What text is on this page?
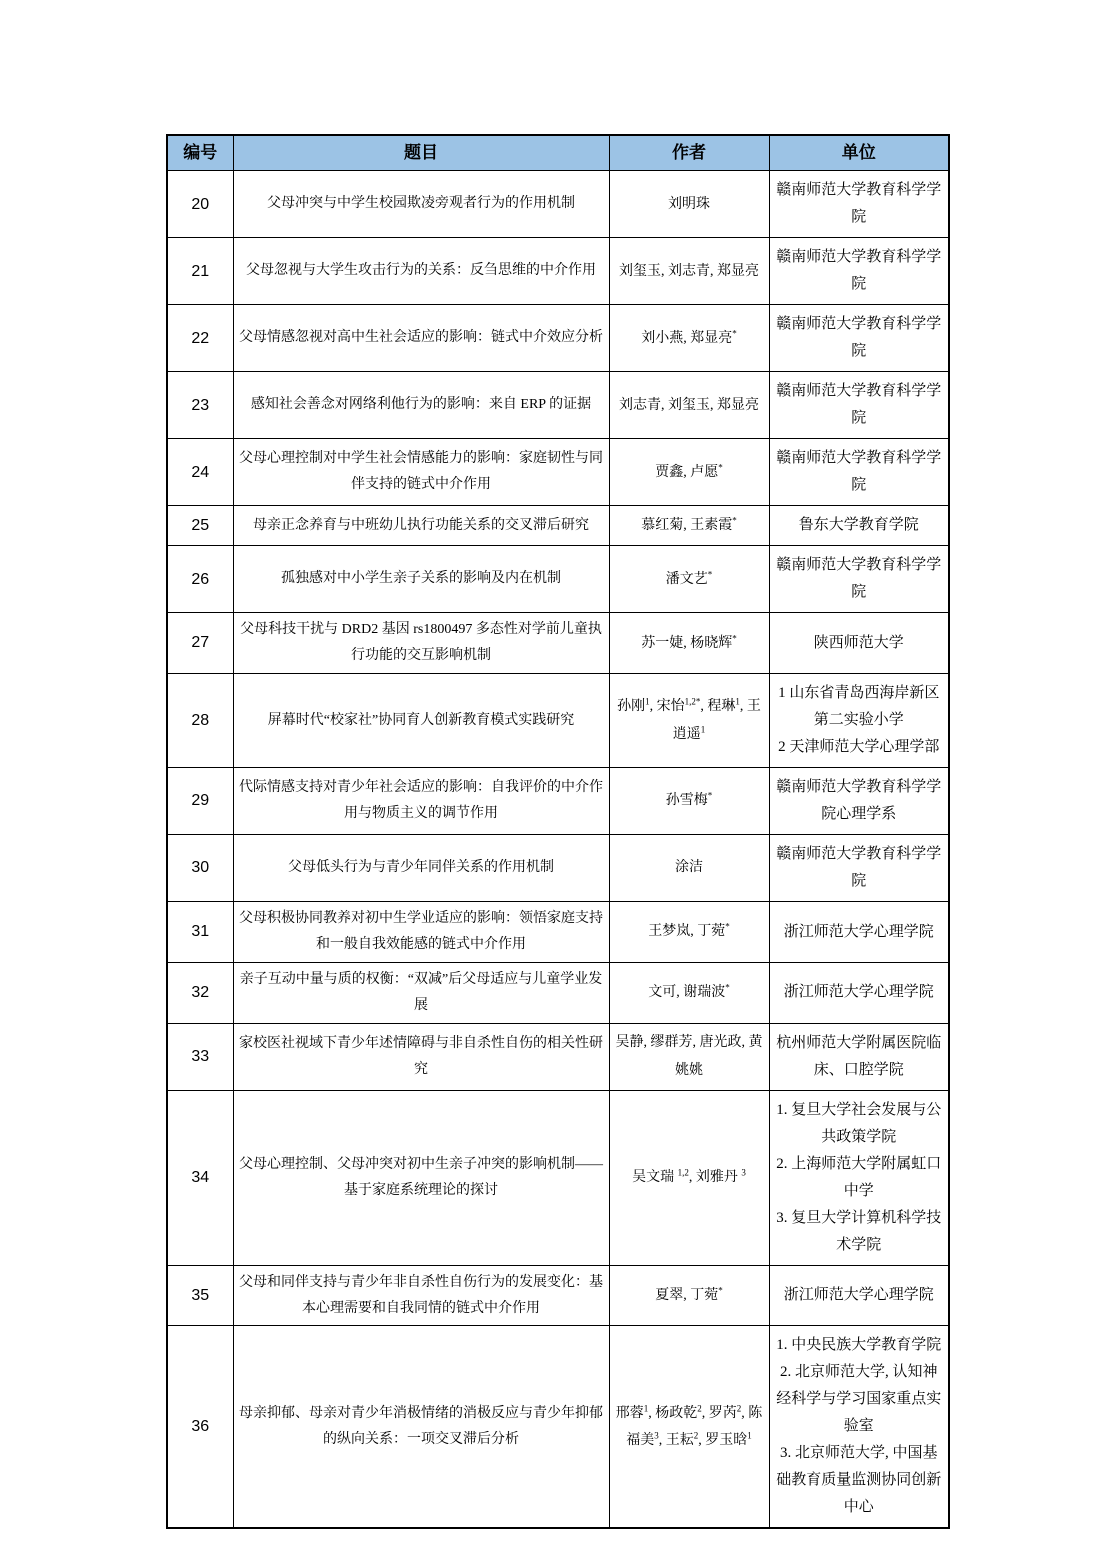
编号	题目	作者	单位
20	父母冲突与中学生校园欺凌旁观者行为的作用机制	刘明珠	赣南师范大学教育科学学院

21	父母忽视与大学生攻击行为的关系：反刍思维的中介作用	刘玺玉, 刘志青, 郑显亮	赣南师范大学教育科学学院

22	父母情感忽视对高中生社会适应的影响：链式中介效应分析	刘小燕, 郑显亮*	赣南师范大学教育科学学院

23	感知社会善念对网络利他行为的影响：来自 ERP 的证据	刘志青, 刘玺玉, 郑显亮	赣南师范大学教育科学学院

24	父母心理控制对中学生社会情感能力的影响：家庭韧性与同伴支持的链式中介作用	贾鑫, 卢愿*	赣南师范大学教育科学学院

25	母亲正念养育与中班幼儿执行功能关系的交叉滞后研究	慕红菊, 王素霞*	鲁东大学教育学院

26	孤独感对中小学生亲子关系的影响及内在机制	潘文艺*	赣南师范大学教育科学学院

27	父母科技干扰与 DRD2 基因 rs1800497 多态性对学前儿童执行功能的交互影响机制	苏一婕, 杨晓辉*	陕西师范大学

28	屏幕时代“校家社”协同育人创新教育模式实践研究	孙刚$^1$, 宋怡$^{1,2*}$, 程琳$^1$, 王逍遥$^1$	1 山东省青岛西海岸新区第二实验小学
2 天津师范大学心理学部

29	代际情感支持对青少年社会适应的影响：自我评价的中介作用与物质主义的调节作用	孙雪梅*	赣南师范大学教育科学学院心理学系

30	父母低头行为与青少年同伴关系的作用机制	涂洁	赣南师范大学教育科学学院

31	父母积极协同教养对初中生学业适应的影响：领悟家庭支持和一般自我效能感的链式中介作用	王梦岚, 丁菀*	浙江师范大学心理学院

32	亲子互动中量与质的权衡：“双减”后父母适应与儿童学业发展	文可, 谢瑞波*	浙江师范大学心理学院

33	家校医社视域下青少年述情障碍与非自杀性自伤的相关性研究	吴静, 缪群芳, 唐光政, 黄姚姚	杭州师范大学附属医院临床、口腔学院

34	父母心理控制、父母冲突对初中生亲子冲突的影响机制——基于家庭系统理论的探讨	吴文瑞 $^{1,2}$, 刘雅丹 $^3$	1. 复旦大学社会发展与公共政策学院
2. 上海师范大学附属虹口中学
3. 复旦大学计算机科学技术学院

35	父母和同伴支持与青少年非自杀性自伤行为的发展变化：基本心理需要和自我同情的链式中介作用	夏翠, 丁菀*	浙江师范大学心理学院

36	母亲抑郁、母亲对青少年消极情绪的消极反应与青少年抑郁的纵向关系：一项交叉滞后分析	邢蓉$^1$, 杨政乾$^2$, 罗芮$^2$, 陈福美$^3$, 王耘$^2$, 罗玉晗$^1$	1. 中央民族大学教育学院
2. 北京师范大学, 认知神经科学与学习国家重点实验室
3. 北京师范大学, 中国基础教育质量监测协同创新中心
